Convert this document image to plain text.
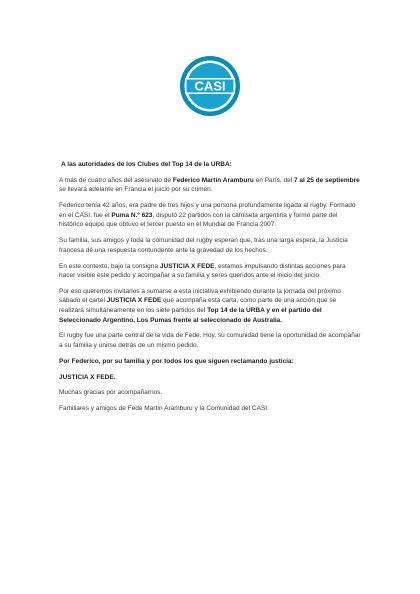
CASI

A las autoridades de los Clubes del Top 14 de la URBA:

A más de cuatro años del asesinato de Federico Martín Aramburu en París, del 7 al 25 de septiembre se llevará adelante en Francia el juicio por su crimen.

Federico tenía 42 años, era padre de tres hijos y una persona profundamente ligada al rugby. Formado en el CASI, fue el Puma N.º 623, disputó 22 partidos con la camiseta argentina y formó parte del histórico equipo que obtuvo el tercer puesto en el Mundial de Francia 2007.

Su familia, sus amigos y toda la comunidad del rugby esperan que, tras una larga espera, la Justicia francesa dé una respuesta contundente ante la gravedad de los hechos.

En este contexto, bajo la consigna JUSTICIA X FEDE, estamos impulsando distintas acciones para hacer visible este pedido y acompañar a su familia y seres queridos ante el inicio del juicio.

Por eso queremos invitarlos a sumarse a esta iniciativa exhibiendo durante la jornada del próximo sábado el cartel JUSTICIA X FEDE que acompaña esta carta, como parte de una acción que se realizará simultáneamente en los siete partidos del Top 14 de la URBA y en el partido del Seleccionado Argentino, Los Pumas frente al seleccionado de Australia.

El rugby fue una parte central de la vida de Fede. Hoy, su comunidad tiene la oportunidad de acompañar a su familia y unirse detrás de un mismo pedido.

Por Federico, por su familia y por todos los que siguen reclamando justicia:

JUSTICIA X FEDE.

Muchas gracias por acompañarnos.

Familiares y amigos de Fede Martín Aramburu y la Comunidad del CASI.
